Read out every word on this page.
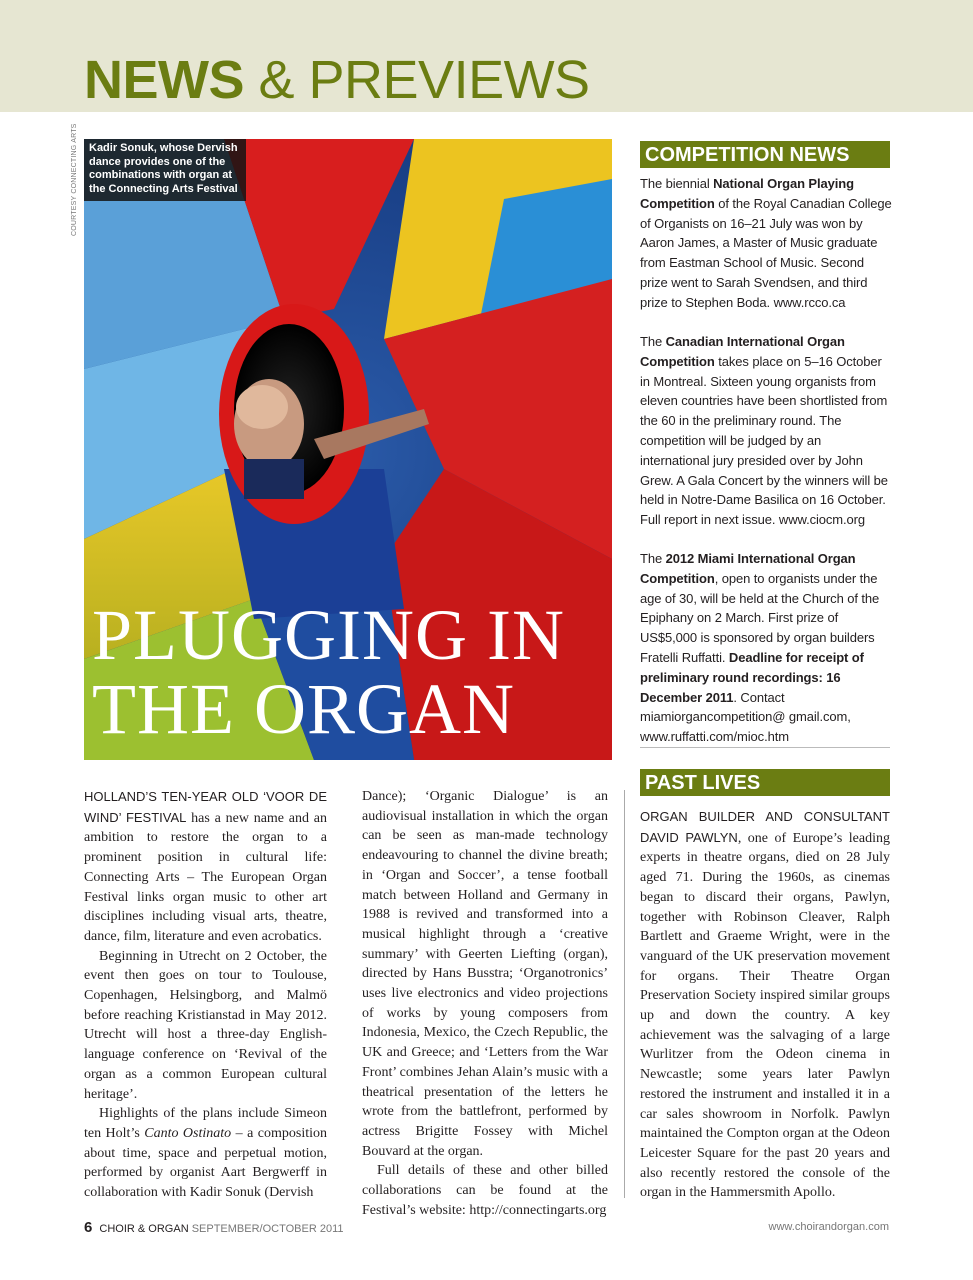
NEWS & PREVIEWS
COURTESY CONNECTING ARTS	Kadir Sonuk, whose Dervish dance provides one of the combinations with organ at the Connecting Arts Festival
PLUGGING IN
THE ORGAN

HOLLAND’S TEN-YEAR OLD ‘VOOR DE WIND’ FESTIVAL has a new name and an ambition to restore the organ to a prominent position in cultural life: Connecting Arts – The European Organ Festival links organ music to other art disciplines including visual arts, theatre, dance, film, literature and even acrobatics.

Beginning in Utrecht on 2 October, the event then goes on tour to Toulouse, Copenhagen, Helsingborg, and Malmö before reaching Kristianstad in May 2012. Utrecht will host a three-day English-language conference on ‘Revival of the organ as a common European cultural heritage’.

Highlights of the plans include Simeon ten Holt’s Canto Ostinato – a composition about time, space and perpetual motion, performed by organist Aart Bergwerff in collaboration with Kadir Sonuk (Dervish

Dance); ‘Organic Dialogue’ is an audiovisual installation in which the organ can be seen as man-made technology endeavouring to channel the divine breath; in ‘Organ and Soccer’, a tense football match between Holland and Germany in 1988 is revived and transformed into a musical highlight through a ‘creative summary’ with Geerten Liefting (organ), directed by Hans Busstra; ‘Organotronics’ uses live electronics and video projections of works by young composers from Indonesia, Mexico, the Czech Republic, the UK and Greece; and ‘Letters from the War Front’ combines Jehan Alain’s music with a theatrical presentation of the letters he wrote from the battlefront, performed by actress Brigitte Fossey with Michel Bouvard at the organ.

Full details of these and other billed collaborations can be found at the Festival’s website: http://connectingarts.org

COMPETITION NEWS

The biennial National Organ Playing Competition of the Royal Canadian College of Organists on 16–21 July was won by Aaron James, a Master of Music graduate from Eastman School of Music. Second prize went to Sarah Svendsen, and third prize to Stephen Boda. www.rcco.ca

The Canadian International Organ Competition takes place on 5–16 October in Montreal. Sixteen young organists from eleven countries have been shortlisted from the 60 in the preliminary round. The competition will be judged by an international jury presided over by John Grew. A Gala Concert by the winners will be held in Notre-Dame Basilica on 16 October. Full report in next issue. www.ciocm.org

The 2012 Miami International Organ Competition, open to organists under the age of 30, will be held at the Church of the Epiphany on 2 March. First prize of US$5,000 is sponsored by organ builders Fratelli Ruffatti. Deadline for receipt of preliminary round recordings: 16 December 2011. Contact miamiorgancompetition@ gmail.com, www.ruffatti.com/mioc.htm

PAST LIVES

ORGAN BUILDER AND CONSULTANT DAVID PAWLYN, one of Europe’s leading experts in theatre organs, died on 28 July aged 71. During the 1960s, as cinemas began to discard their organs, Pawlyn, together with Robinson Cleaver, Ralph Bartlett and Graeme Wright, were in the vanguard of the UK preservation movement for organs. Their Theatre Organ Preservation Society inspired similar groups up and down the country. A key achievement was the salvaging of a large Wurlitzer from the Odeon cinema in Newcastle; some years later Pawlyn restored the instrument and installed it in a car sales showroom in Norfolk. Pawlyn maintained the Compton organ at the Odeon Leicester Square for the past 20 years and also recently restored the console of the organ in the Hammersmith Apollo.

6 CHOIR & ORGAN SEPTEMBER/OCTOBER 2011	www.choirandorgan.com
